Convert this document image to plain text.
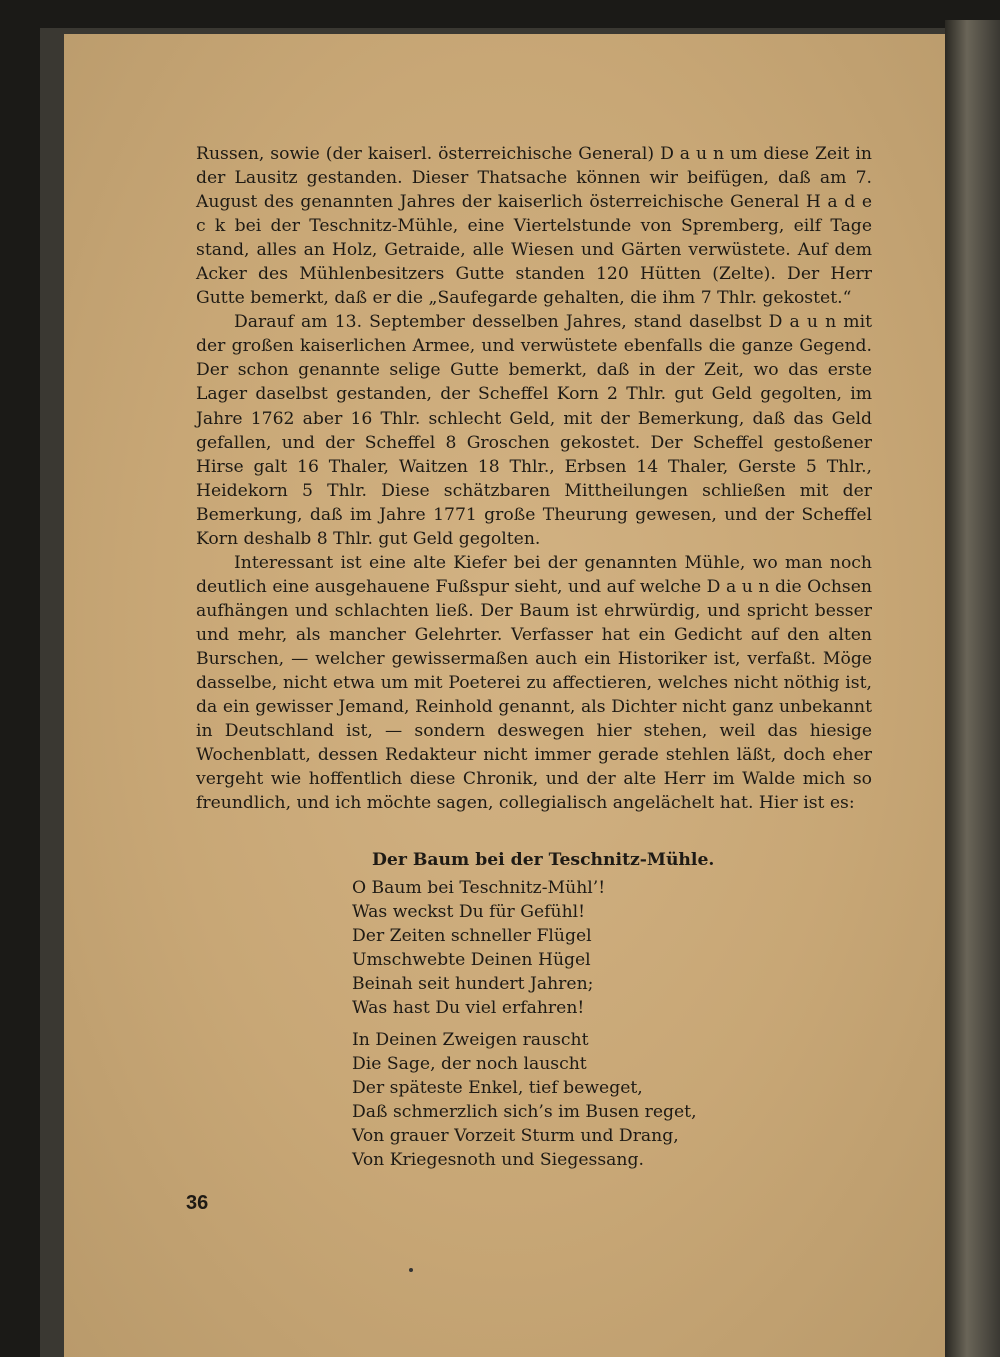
Russen, sowie (der kaiserl. österreichische General) D a u n um diese Zeit in der Lausitz gestanden. Dieser Thatsache können wir beifügen, daß am 7. August des genannten Jahres der kaiserlich österreichische General H a d e c k bei der Teschnitz-Mühle, eine Viertelstunde von Spremberg, eilf Tage stand, alles an Holz, Getraide, alle Wiesen und Gärten verwüstete. Auf dem Acker des Mühlenbesitzers Gutte standen 120 Hütten (Zelte). Der Herr Gutte bemerkt, daß er die „Saufegarde gehalten, die ihm 7 Thlr. gekostet.“

Darauf am 13. September desselben Jahres, stand daselbst D a u n mit der großen kaiserlichen Armee, und verwüstete ebenfalls die ganze Gegend. Der schon genannte selige Gutte bemerkt, daß in der Zeit, wo das erste Lager daselbst gestanden, der Scheffel Korn 2 Thlr. gut Geld gegolten, im Jahre 1762 aber 16 Thlr. schlecht Geld, mit der Bemerkung, daß das Geld gefallen, und der Scheffel 8 Groschen gekostet. Der Scheffel gestoßener Hirse galt 16 Thaler, Waitzen 18 Thlr., Erbsen 14 Thaler, Gerste 5 Thlr., Heidekorn 5 Thlr. Diese schätzbaren Mittheilungen schließen mit der Bemerkung, daß im Jahre 1771 große Theurung gewesen, und der Scheffel Korn deshalb 8 Thlr. gut Geld gegolten.

Interessant ist eine alte Kiefer bei der genannten Mühle, wo man noch deutlich eine ausgehauene Fußspur sieht, und auf welche D a u n die Ochsen aufhängen und schlachten ließ. Der Baum ist ehrwürdig, und spricht besser und mehr, als mancher Gelehrter. Verfasser hat ein Gedicht auf den alten Burschen, — welcher gewissermaßen auch ein Historiker ist, verfaßt. Möge dasselbe, nicht etwa um mit Poeterei zu affectieren, welches nicht nöthig ist, da ein gewisser Jemand, Reinhold genannt, als Dichter nicht ganz unbekannt in Deutschland ist, — sondern deswegen hier stehen, weil das hiesige Wochenblatt, dessen Redakteur nicht immer gerade stehlen läßt, doch eher vergeht wie hoffentlich diese Chronik, und der alte Herr im Walde mich so freundlich, und ich möchte sagen, collegialisch angelächelt hat. Hier ist es:

Der Baum bei der Teschnitz-Mühle.
O Baum bei Teschnitz-Mühl’!
Was weckst Du für Gefühl!
Der Zeiten schneller Flügel
Umschwebte Deinen Hügel
Beinah seit hundert Jahren;
Was hast Du viel erfahren!
In Deinen Zweigen rauscht
Die Sage, der noch lauscht
Der späteste Enkel, tief beweget,
Daß schmerzlich sich’s im Busen reget,
Von grauer Vorzeit Sturm und Drang,
Von Kriegesnoth und Siegessang.
36
